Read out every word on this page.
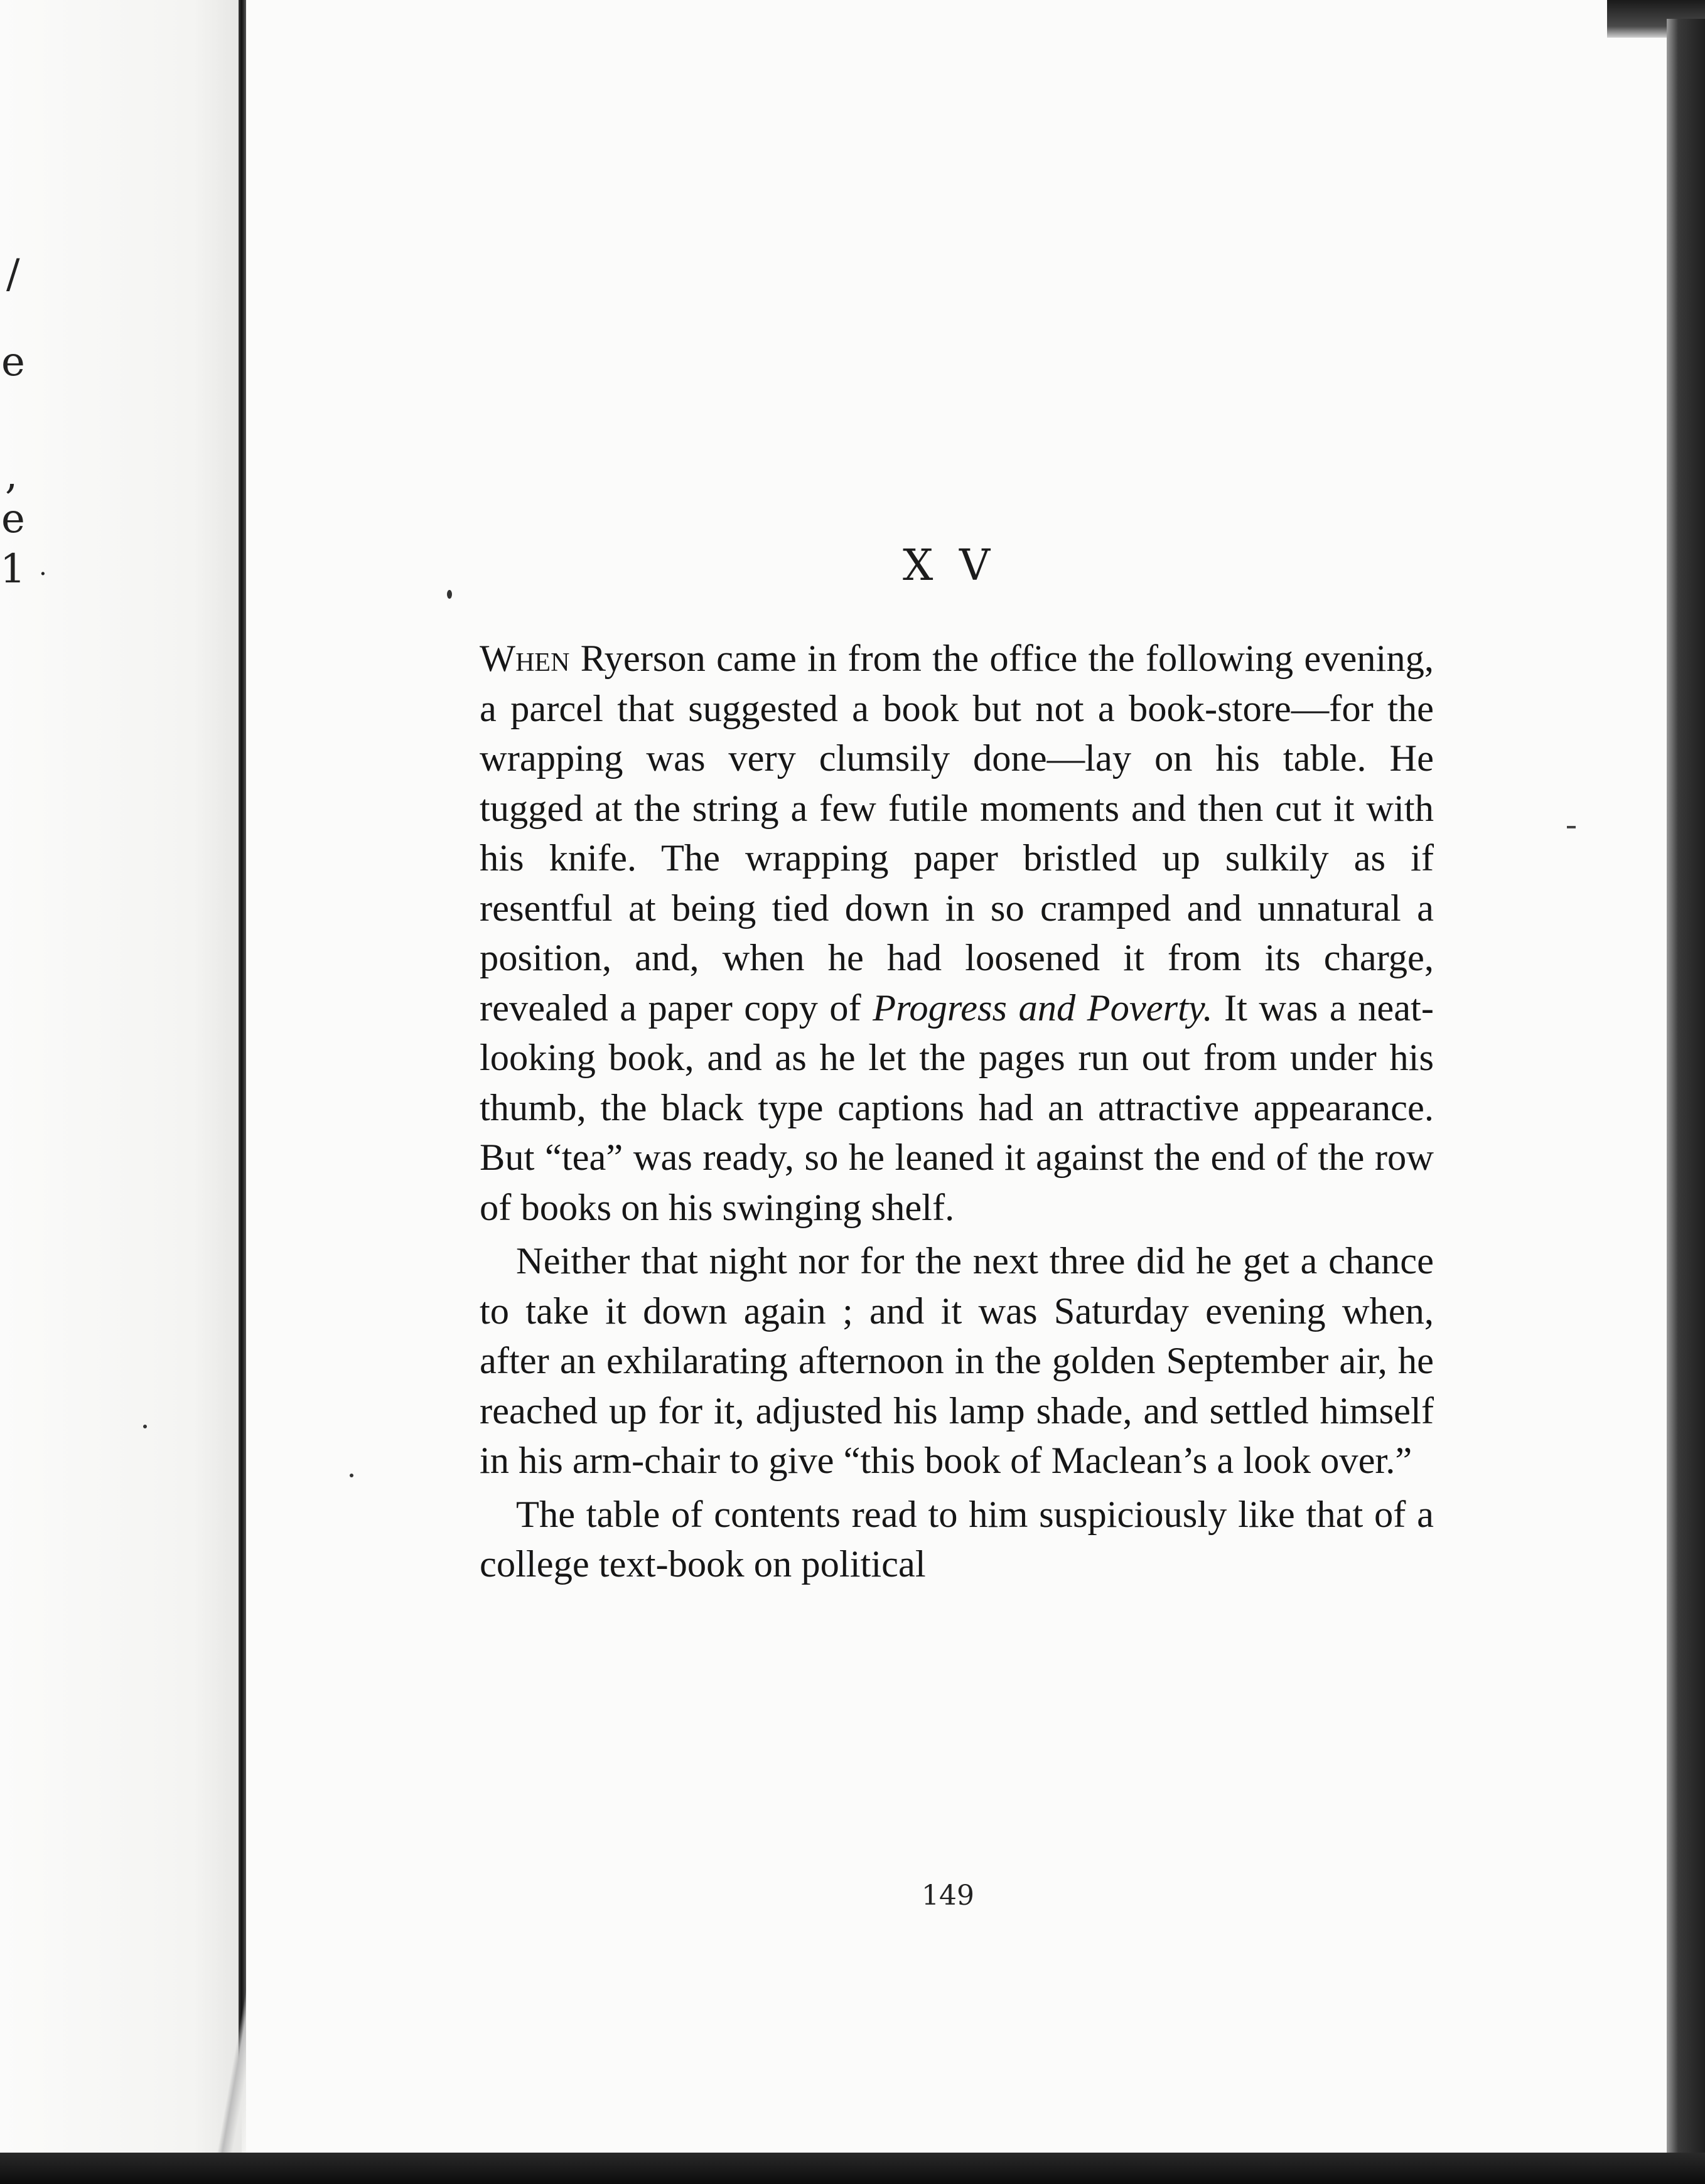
/
e
,
e
1 .	X V

When Ryerson came in from the office the following evening, a parcel that suggested a book but not a book-store—for the wrapping was very clumsily done—lay on his table. He tugged at the string a few futile moments and then cut it with his knife. The wrapping paper bristled up sulkily as if resentful at being tied down in so cramped and unnatural a position, and, when he had loosened it from its charge, revealed a paper copy of Progress and Poverty. It was a neat-looking book, and as he let the pages run out from under his thumb, the black type captions had an attractive appearance. But “tea” was ready, so he leaned it against the end of the row of books on his swinging shelf.

Neither that night nor for the next three did he get a chance to take it down again ; and it was Saturday evening when, after an exhilarating afternoon in the golden September air, he reached up for it, adjusted his lamp shade, and settled himself in his arm-chair to give “this book of Maclean’s a look over.”

The table of contents read to him suspiciously like that of a college text-book on political

149
